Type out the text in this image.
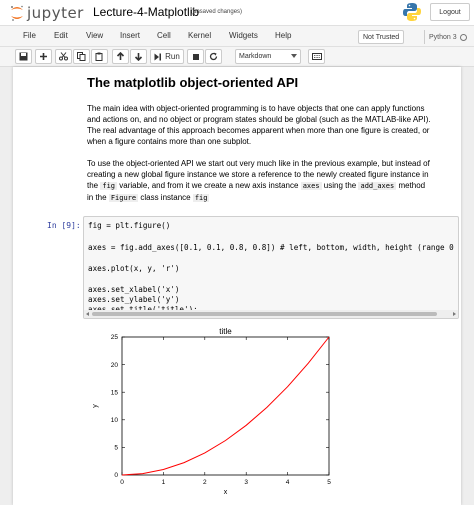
jupyter Lecture-4-Matplotlib
(unsaved changes)	Logout
File Edit View Insert Cell Kernel Widgets Help	Not Trusted	Python 3
Run	Markdown
The matplotlib object-oriented API
The main idea with object-oriented programming is to have objects that one can apply functions
and actions on, and no object or program states should be global (such as the MATLAB-like API).
The real advantage of this approach becomes apparent when more than one figure is created, or
when a figure contains more than one subplot.
To use the object-oriented API we start out very much like in the previous example, but instead of
creating a new global figure instance we store a reference to the newly created figure instance in
the fig variable, and from it we create a new axis instance axes using the add_axes method
in the Figure class instance fig
In [9]: fig = plt.figure()
axes = fig.add_axes([0.1, 0.1, 0.8, 0.8]) # left, bottom, width, height (range 0
axes.plot(x, y, 'r')
axes.set_xlabel('x')
axes.set_ylabel('y')
0	1	2	3	4	5
0
5
10
15
20
25
title
x
y
